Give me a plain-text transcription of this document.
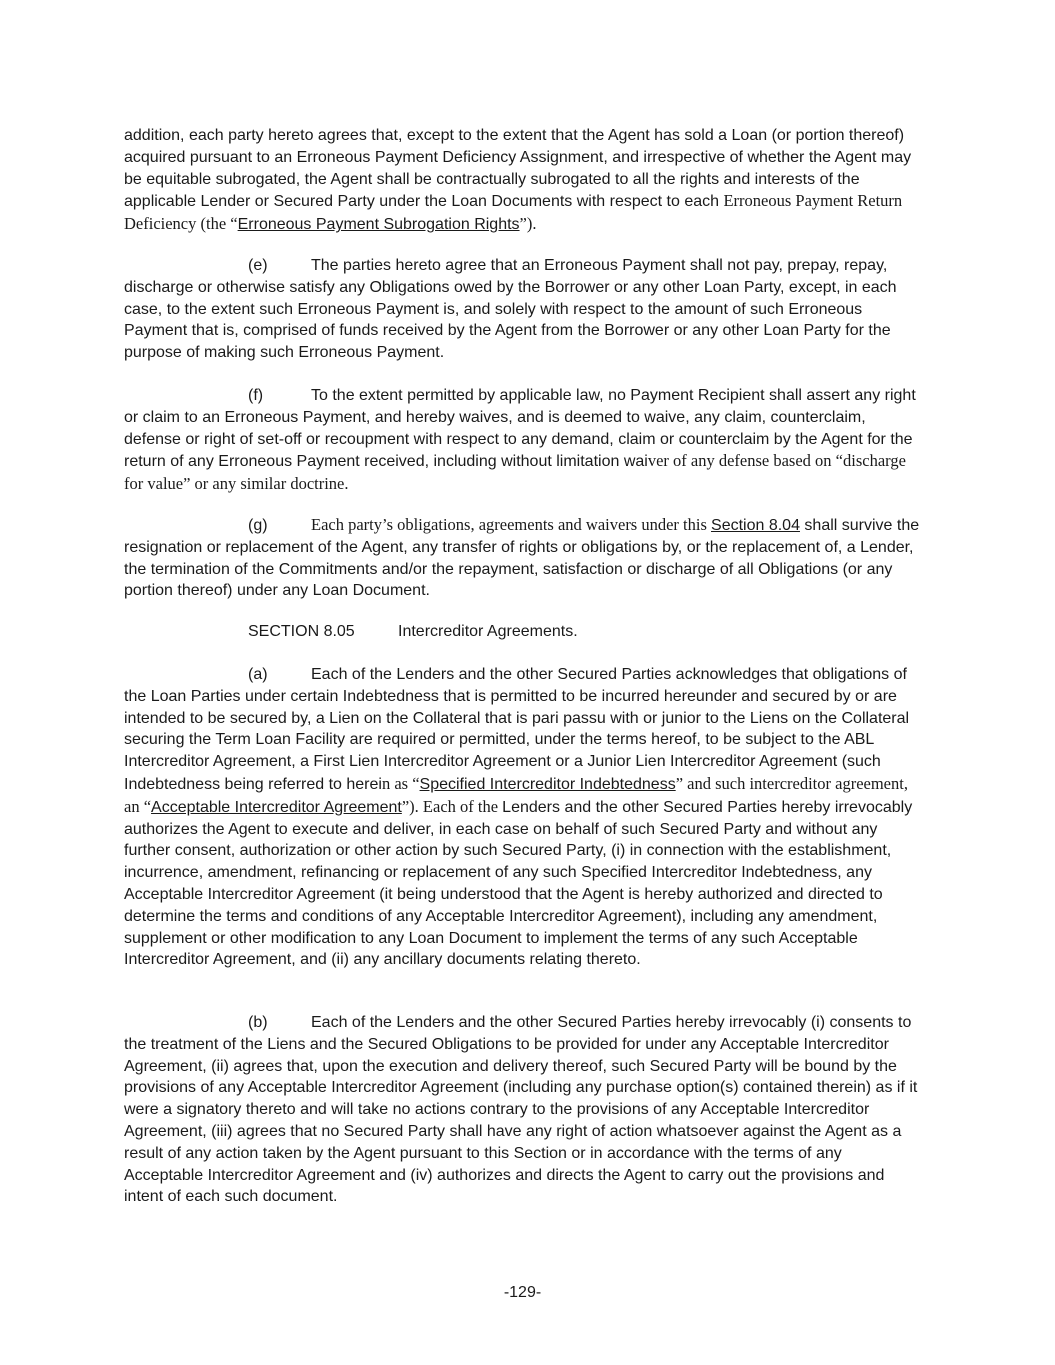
addition, each party hereto agrees that, except to the extent that the Agent has sold a Loan (or portion thereof) acquired pursuant to an Erroneous Payment Deficiency Assignment, and irrespective of whether the Agent may be equitable subrogated, the Agent shall be contractually subrogated to all the rights and interests of the applicable Lender or Secured Party under the Loan Documents with respect to each Erroneous Payment Return Deficiency (the “Erroneous Payment Subrogation Rights”).

(e)	The parties hereto agree that an Erroneous Payment shall not pay, prepay, repay, discharge or otherwise satisfy any Obligations owed by the Borrower or any other Loan Party, except, in each case, to the extent such Erroneous Payment is, and solely with respect to the amount of such Erroneous Payment that is, comprised of funds received by the Agent from the Borrower or any other Loan Party for the purpose of making such Erroneous Payment.

(f)	To the extent permitted by applicable law, no Payment Recipient shall assert any right or claim to an Erroneous Payment, and hereby waives, and is deemed to waive, any claim, counterclaim, defense or right of set-off or recoupment with respect to any demand, claim or counterclaim by the Agent for the return of any Erroneous Payment received, including without limitation waiver of any defense based on “discharge for value” or any similar doctrine.

(g)	Each party’s obligations, agreements and waivers under this Section 8.04 shall survive the resignation or replacement of the Agent, any transfer of rights or obligations by, or the replacement of, a Lender, the termination of the Commitments and/or the repayment, satisfaction or discharge of all Obligations (or any portion thereof) under any Loan Document.

SECTION 8.05	Intercreditor Agreements.

(a)	Each of the Lenders and the other Secured Parties acknowledges that obligations of the Loan Parties under certain Indebtedness that is permitted to be incurred hereunder and secured by or are intended to be secured by, a Lien on the Collateral that is pari passu with or junior to the Liens on the Collateral securing the Term Loan Facility are required or permitted, under the terms hereof, to be subject to the ABL Intercreditor Agreement, a First Lien Intercreditor Agreement or a Junior Lien Intercreditor Agreement (such Indebtedness being referred to herein as “Specified Intercreditor Indebtedness” and such intercreditor agreement, an “Acceptable Intercreditor Agreement”). Each of the Lenders and the other Secured Parties hereby irrevocably authorizes the Agent to execute and deliver, in each case on behalf of such Secured Party and without any further consent, authorization or other action by such Secured Party, (i) in connection with the establishment, incurrence, amendment, refinancing or replacement of any such Specified Intercreditor Indebtedness, any Acceptable Intercreditor Agreement (it being understood that the Agent is hereby authorized and directed to determine the terms and conditions of any Acceptable Intercreditor Agreement), including any amendment, supplement or other modification to any Loan Document to implement the terms of any such Acceptable Intercreditor Agreement, and (ii) any ancillary documents relating thereto.

(b)	Each of the Lenders and the other Secured Parties hereby irrevocably (i) consents to the treatment of the Liens and the Secured Obligations to be provided for under any Acceptable Intercreditor Agreement, (ii) agrees that, upon the execution and delivery thereof, such Secured Party will be bound by the provisions of any Acceptable Intercreditor Agreement (including any purchase option(s) contained therein) as if it were a signatory thereto and will take no actions contrary to the provisions of any Acceptable Intercreditor Agreement, (iii) agrees that no Secured Party shall have any right of action whatsoever against the Agent as a result of any action taken by the Agent pursuant to this Section or in accordance with the terms of any Acceptable Intercreditor Agreement and (iv) authorizes and directs the Agent to carry out the provisions and intent of each such document.

-129-
